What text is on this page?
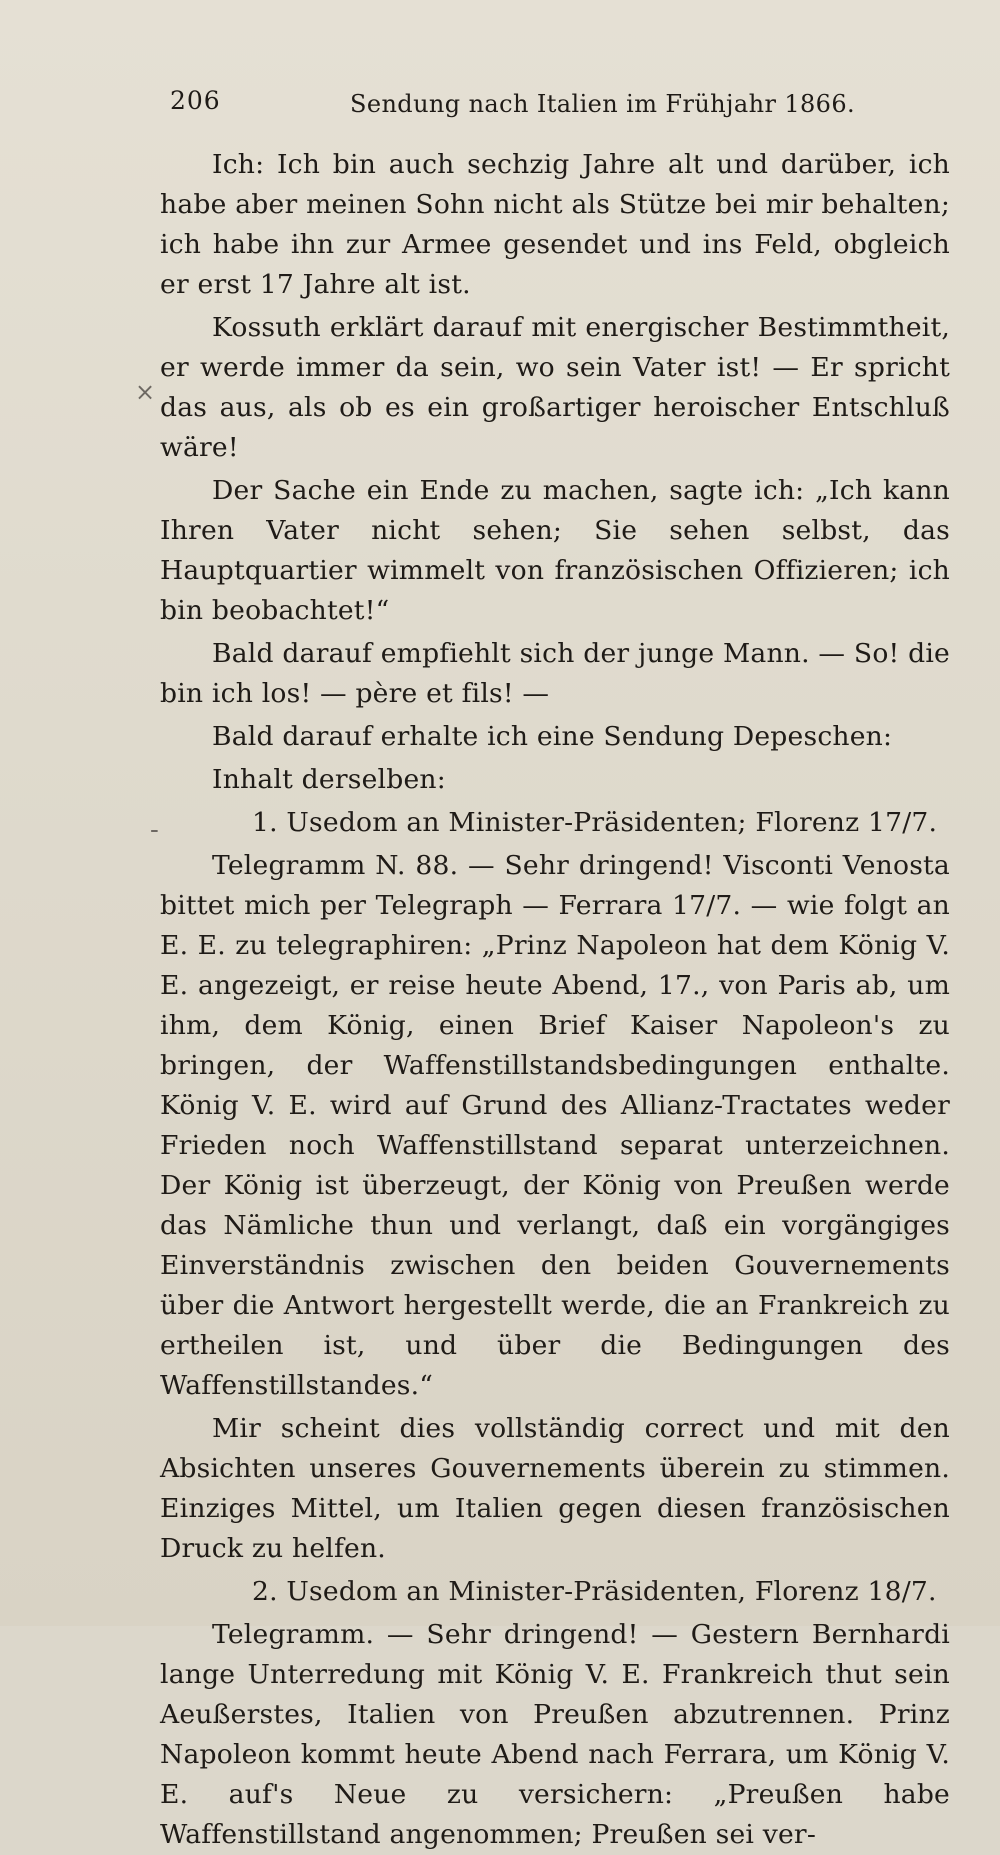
206	Sendung nach Italien im Frühjahr 1866.
×
-

Ich: Ich bin auch sechzig Jahre alt und darüber, ich habe aber meinen Sohn nicht als Stütze bei mir behalten; ich habe ihn zur Armee gesendet und ins Feld, obgleich er erst 17 Jahre alt ist.

Kossuth erklärt darauf mit energischer Bestimmtheit, er werde immer da sein, wo sein Vater ist! — Er spricht das aus, als ob es ein großartiger heroischer Entschluß wäre!

Der Sache ein Ende zu machen, sagte ich: „Ich kann Ihren Vater nicht sehen; Sie sehen selbst, das Hauptquartier wimmelt von französischen Offizieren; ich bin beobachtet!“

Bald darauf empfiehlt sich der junge Mann. — So! die bin ich los! — père et fils! —

Bald darauf erhalte ich eine Sendung Depeschen:

Inhalt derselben:

1. Usedom an Minister-Präsidenten; Florenz 17/7.

Telegramm N. 88. — Sehr dringend! Visconti Venosta bittet mich per Telegraph — Ferrara 17/7. — wie folgt an E. E. zu telegraphiren: „Prinz Napoleon hat dem König V. E. angezeigt, er reise heute Abend, 17., von Paris ab, um ihm, dem König, einen Brief Kaiser Napoleon's zu bringen, der Waffenstillstandsbedingungen enthalte. König V. E. wird auf Grund des Allianz-Tractates weder Frieden noch Waffenstillstand separat unterzeichnen. Der König ist überzeugt, der König von Preußen werde das Nämliche thun und verlangt, daß ein vorgängiges Einverständnis zwischen den beiden Gouvernements über die Antwort hergestellt werde, die an Frankreich zu ertheilen ist, und über die Bedingungen des Waffenstillstandes.“

Mir scheint dies vollständig correct und mit den Absichten unseres Gouvernements überein zu stimmen. Einziges Mittel, um Italien gegen diesen französischen Druck zu helfen.

2. Usedom an Minister-Präsidenten, Florenz 18/7.

Telegramm. — Sehr dringend! — Gestern Bernhardi lange Unterredung mit König V. E. Frankreich thut sein Aeußerstes, Italien von Preußen abzutrennen. Prinz Napoleon kommt heute Abend nach Ferrara, um König V. E. auf's Neue zu versichern: „Preußen habe Waffenstillstand angenommen; Preußen sei ver-
